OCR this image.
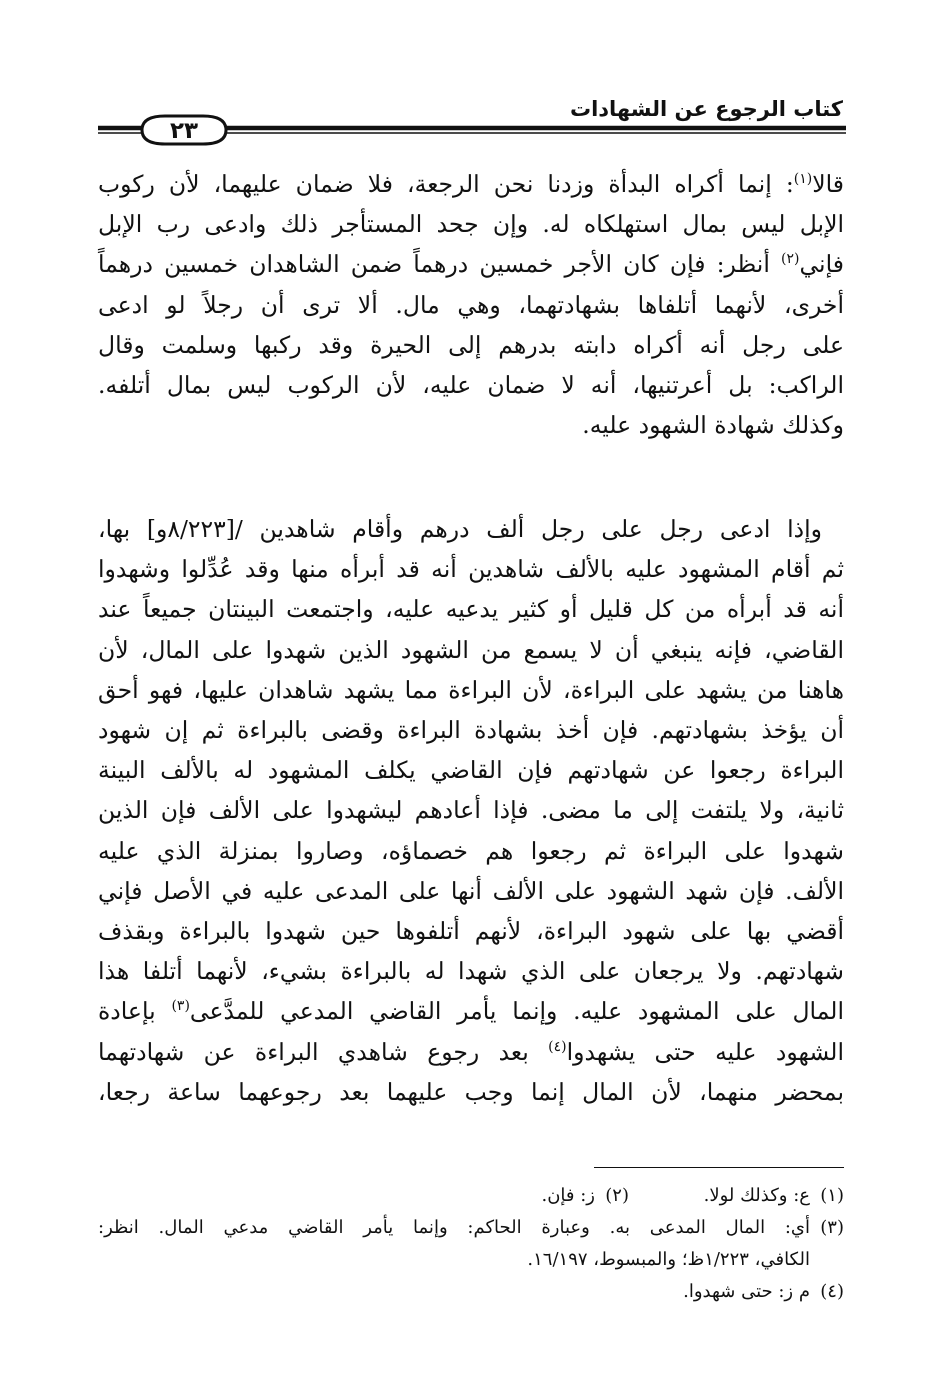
كتاب الرجوع عن الشهادات
٢٣
قالا$^{(١)}$: إنما أكراه البدأة وزدنا نحن الرجعة، فلا ضمان عليهما، لأن ركوب
الإبل ليس بمال استهلكاه له. وإن جحد المستأجر ذلك وادعى رب الإبل
فإني$^{(٢)}$ أنظر: فإن كان الأجر خمسين درهماً ضمن الشاهدان خمسين درهماً
أخرى، لأنهما أتلفاها بشهادتهما، وهي مال. ألا ترى أن رجلاً لو ادعى
على رجل أنه أكراه دابته بدرهم إلى الحيرة وقد ركبها وسلمت وقال
الراكب: بل أعرتنيها، أنه لا ضمان عليه، لأن الركوب ليس بمال أتلفه.
وكذلك شهادة الشهود عليه.
وإذا ادعى رجل على رجل ألف درهم وأقام شاهدين /[٨/٢٢٣و] بها،
ثم أقام المشهود عليه بالألف شاهدين أنه قد أبرأه منها وقد عُدِّلوا وشهدوا
أنه قد أبرأه من كل قليل أو كثير يدعيه عليه، واجتمعت البينتان جميعاً عند
القاضي، فإنه ينبغي أن لا يسمع من الشهود الذين شهدوا على المال، لأن
هاهنا من يشهد على البراءة، لأن البراءة مما يشهد شاهدان عليها، فهو أحق
أن يؤخذ بشهادتهم. فإن أخذ بشهادة البراءة وقضى بالبراءة ثم إن شهود
البراءة رجعوا عن شهادتهم فإن القاضي يكلف المشهود له بالألف البينة
ثانية، ولا يلتفت إلى ما مضى. فإذا أعادهم ليشهدوا على الألف فإن الذين
شهدوا على البراءة ثم رجعوا هم خصماؤه، وصاروا بمنزلة الذي عليه
الألف. فإن شهد الشهود على الألف أنها على المدعى عليه في الأصل فإني
أقضي بها على شهود البراءة، لأنهم أتلفوها حين شهدوا بالبراءة وبقذف
شهادتهم. ولا يرجعان على الذي شهدا له بالبراءة بشيء، لأنهما أتلفا هذا
المال على المشهود عليه. وإنما يأمر القاضي المدعي للمدَّعى$^{(٣)}$ بإعادة
الشهود عليه حتى يشهدوا$^{(٤)}$ بعد رجوع شاهدي البراءة عن شهادتهما
بمحضر منهما، لأن المال إنما وجب عليهما بعد رجوعهما ساعة رجعا،
(١)
ع: وكذلك لولا.
(٢)
ز: فإن.
(٣)
أي: المال المدعى به. وعبارة الحاكم: وإنما يأمر القاضي مدعي المال. انظر:
الكافي، ١/٢٢٣ظ؛ والمبسوط، ١٦/١٩٧.
(٤)
م ز: حتى شهدوا.
